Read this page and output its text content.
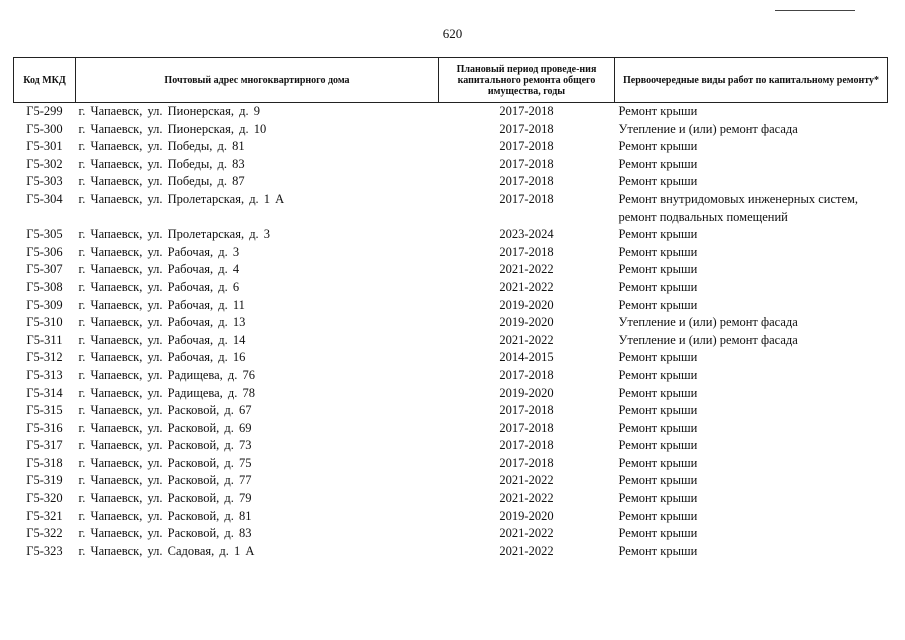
620
Код МКД	Почтовый адрес многоквартирного дома	Плановый период проведе-ния капитального ремонта общего имущества, годы	Первоочередные виды работ по капитальному ремонту*
Г5-299	г. Чапаевск, ул. Пионерская, д. 9	2017-2018	Ремонт крыши
Г5-300	г. Чапаевск, ул. Пионерская, д. 10	2017-2018	Утепление и (или) ремонт фасада
Г5-301	г. Чапаевск, ул. Победы, д. 81	2017-2018	Ремонт крыши
Г5-302	г. Чапаевск, ул. Победы, д. 83	2017-2018	Ремонт крыши
Г5-303	г. Чапаевск, ул. Победы, д. 87	2017-2018	Ремонт крыши
Г5-304	г. Чапаевск, ул. Пролетарская, д. 1 А	2017-2018	Ремонт внутридомовых инженерных систем, ремонт подвальных помещений
Г5-305	г. Чапаевск, ул. Пролетарская, д. 3	2023-2024	Ремонт крыши
Г5-306	г. Чапаевск, ул. Рабочая, д. 3	2017-2018	Ремонт крыши
Г5-307	г. Чапаевск, ул. Рабочая, д. 4	2021-2022	Ремонт крыши
Г5-308	г. Чапаевск, ул. Рабочая, д. 6	2021-2022	Ремонт крыши
Г5-309	г. Чапаевск, ул. Рабочая, д. 11	2019-2020	Ремонт крыши
Г5-310	г. Чапаевск, ул. Рабочая, д. 13	2019-2020	Утепление и (или) ремонт фасада
Г5-311	г. Чапаевск, ул. Рабочая, д. 14	2021-2022	Утепление и (или) ремонт фасада
Г5-312	г. Чапаевск, ул. Рабочая, д. 16	2014-2015	Ремонт крыши
Г5-313	г. Чапаевск, ул. Радищева, д. 76	2017-2018	Ремонт крыши
Г5-314	г. Чапаевск, ул. Радищева, д. 78	2019-2020	Ремонт крыши
Г5-315	г. Чапаевск, ул. Расковой, д. 67	2017-2018	Ремонт крыши
Г5-316	г. Чапаевск, ул. Расковой, д. 69	2017-2018	Ремонт крыши
Г5-317	г. Чапаевск, ул. Расковой, д. 73	2017-2018	Ремонт крыши
Г5-318	г. Чапаевск, ул. Расковой, д. 75	2017-2018	Ремонт крыши
Г5-319	г. Чапаевск, ул. Расковой, д. 77	2021-2022	Ремонт крыши
Г5-320	г. Чапаевск, ул. Расковой, д. 79	2021-2022	Ремонт крыши
Г5-321	г. Чапаевск, ул. Расковой, д. 81	2019-2020	Ремонт крыши
Г5-322	г. Чапаевск, ул. Расковой, д. 83	2021-2022	Ремонт крыши
Г5-323	г. Чапаевск, ул. Садовая, д. 1 А	2021-2022	Ремонт крыши
